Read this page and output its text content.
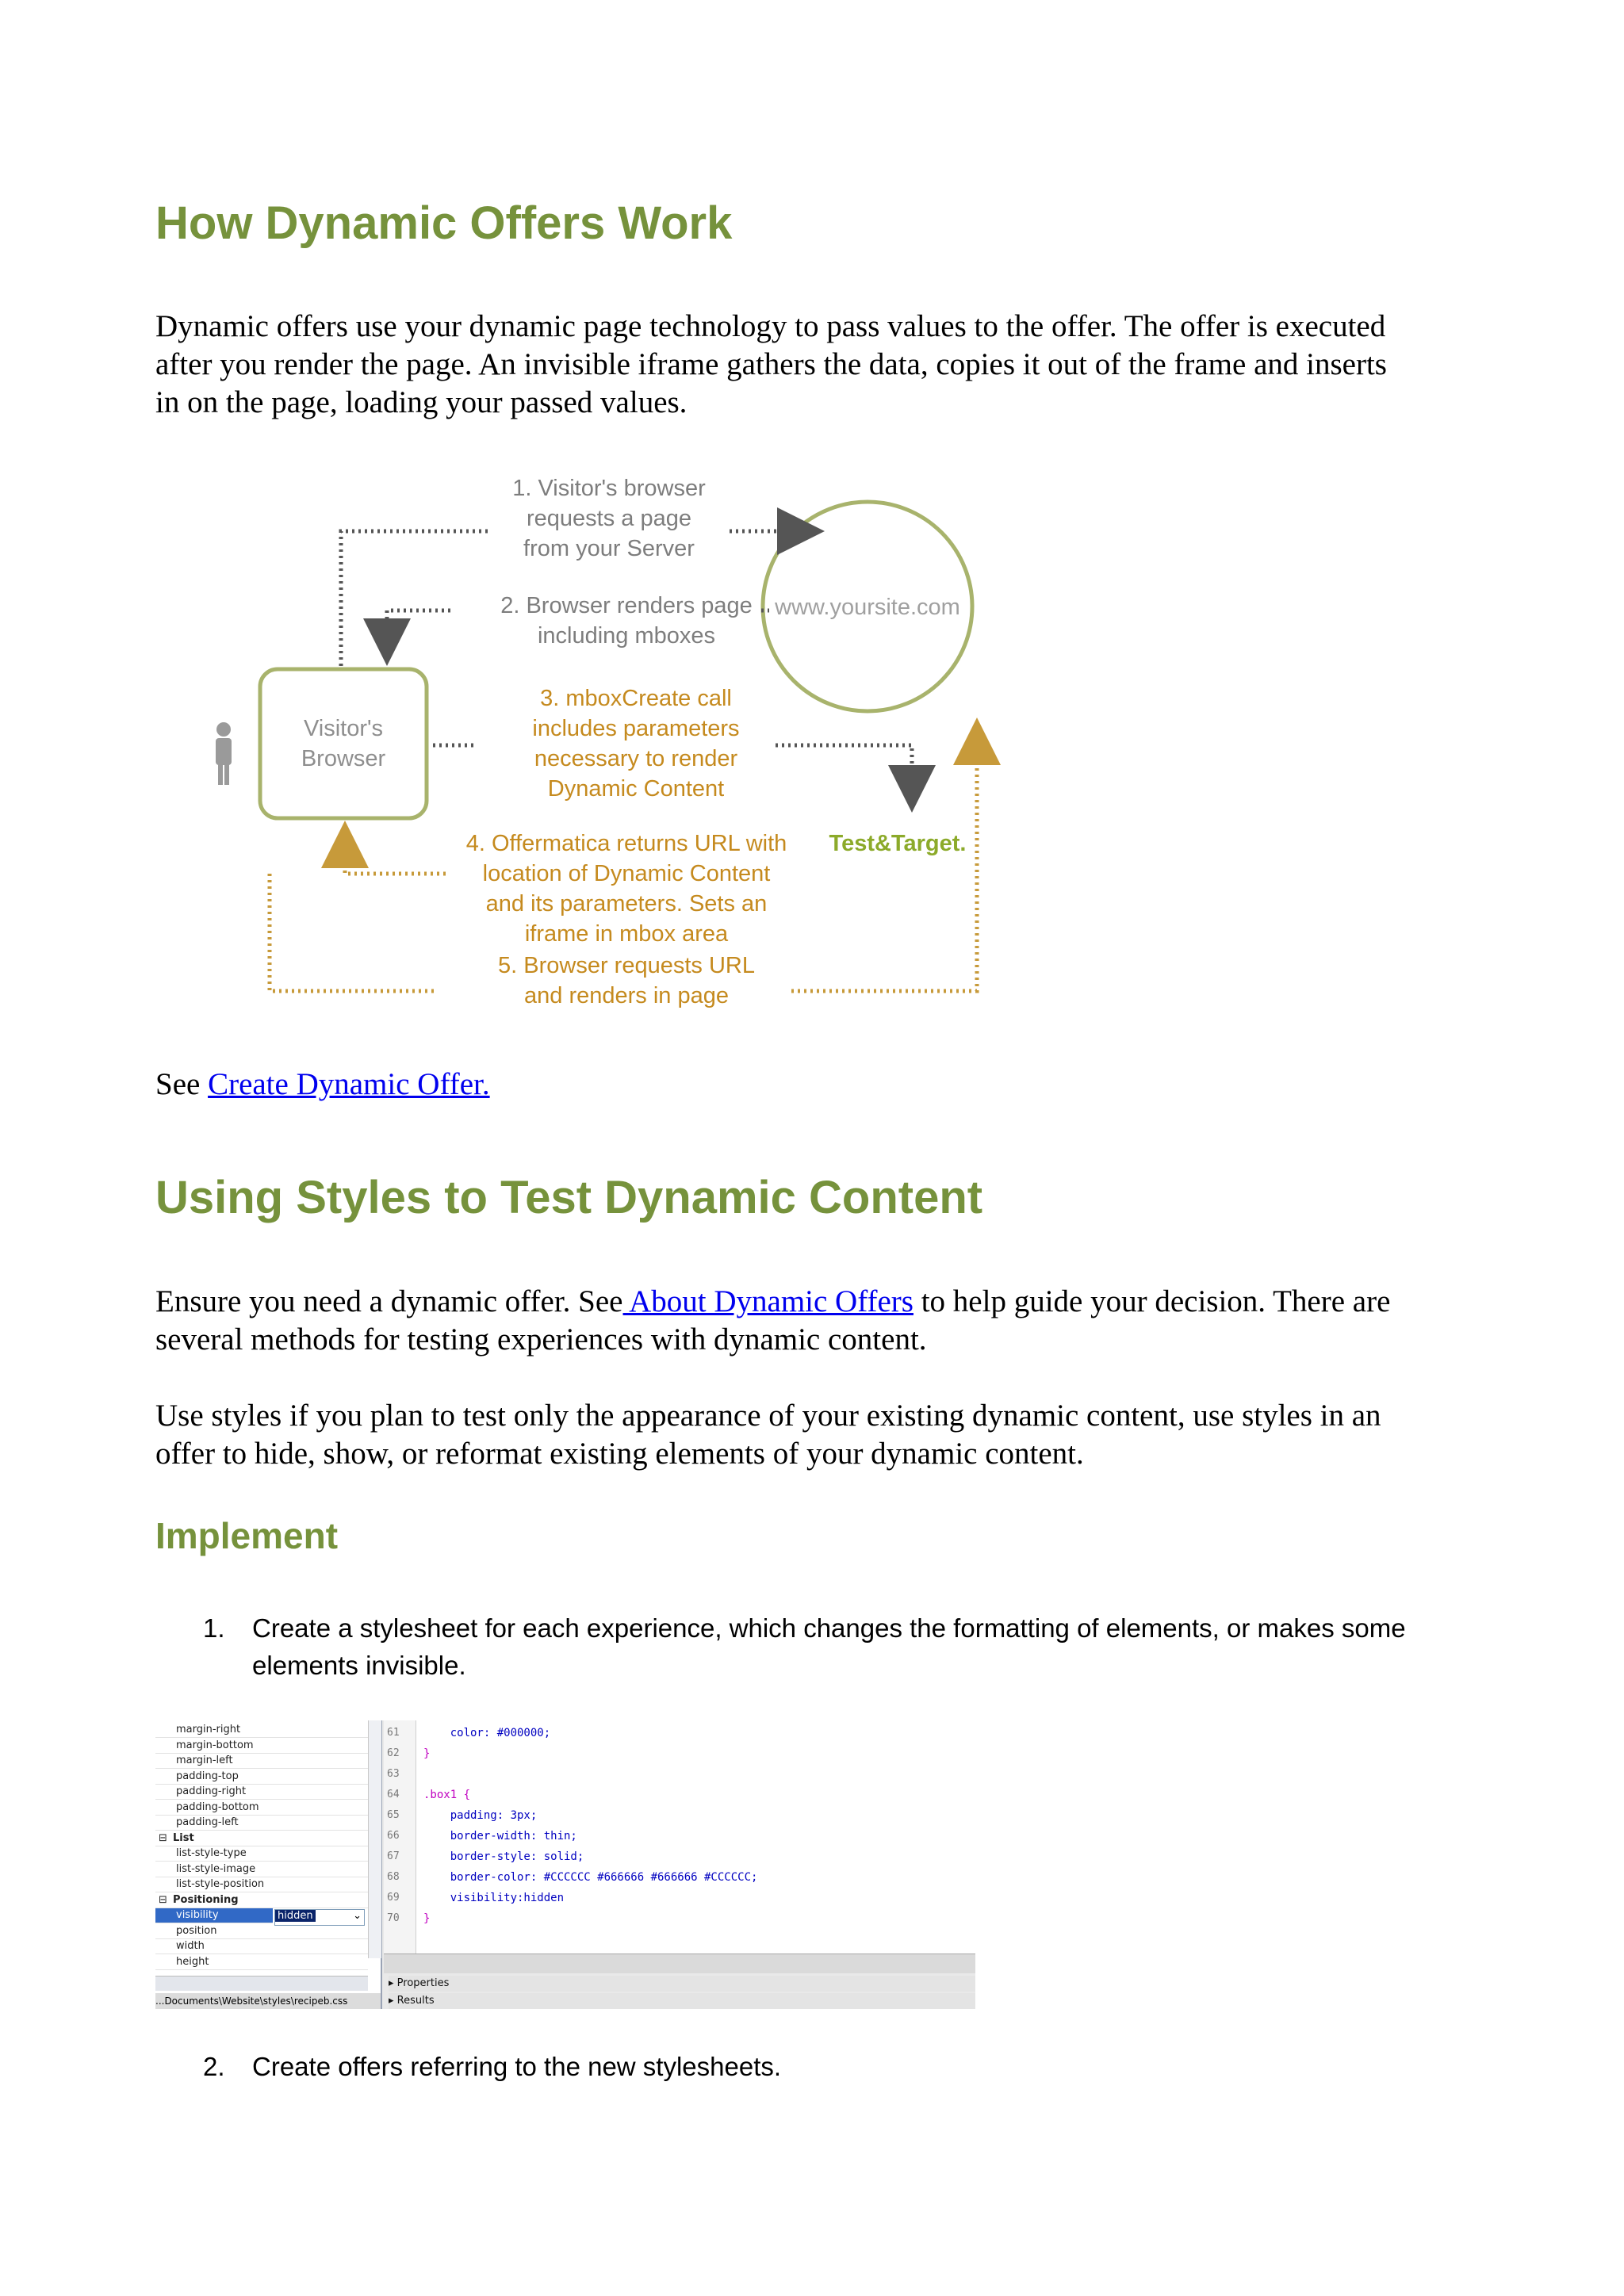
How Dynamic Offers Work

Dynamic offers use your dynamic page technology to pass values to the offer. The offer is executed

after you render the page. An invisible iframe gathers the data, copies it out of the frame and inserts

in on the page, loading your passed values.

Visitor's
Browser
www.yoursite.com
1. Visitor's browser
requests a page
from your Server
2. Browser renders page
including mboxes
3. mboxCreate call
includes parameters
necessary to render
Dynamic Content
Test&Target.
4. Offermatica returns URL with
location of Dynamic Content
and its parameters. Sets an
iframe in mbox area
5. Browser requests URL
and renders in page

See Create Dynamic Offer.

Using Styles to Test Dynamic Content

Ensure you need a dynamic offer. See About Dynamic Offers to help guide your decision. There are

several methods for testing experiences with dynamic content.

Use styles if you plan to test only the appearance of your existing dynamic content, use styles in an

offer to hide, show, or reformat existing elements of your dynamic content.

Implement
1. Create a stylesheet for each experience, which changes the formatting of elements, or makes some
elements invisible.
height
width
position
visibility
⊟ Positioning
list-style-position
list-style-image
list-style-type
⊟ List
padding-left
padding-bottom
padding-right
padding-top
margin-left
margin-bottom
margin-right
hidden	⌄
...Documents\Website\styles\recipeb.css
61 color: #000000;
62 }
63
64 .box1 {
65 padding: 3px;
66 border-width: thin;
67 border-style: solid;
68 border-color: #CCCCCC #666666 #666666 #CCCCCC;
69 visibility:hidden
70 }
▸ Properties
▸ Results
2. Create offers referring to the new stylesheets.
